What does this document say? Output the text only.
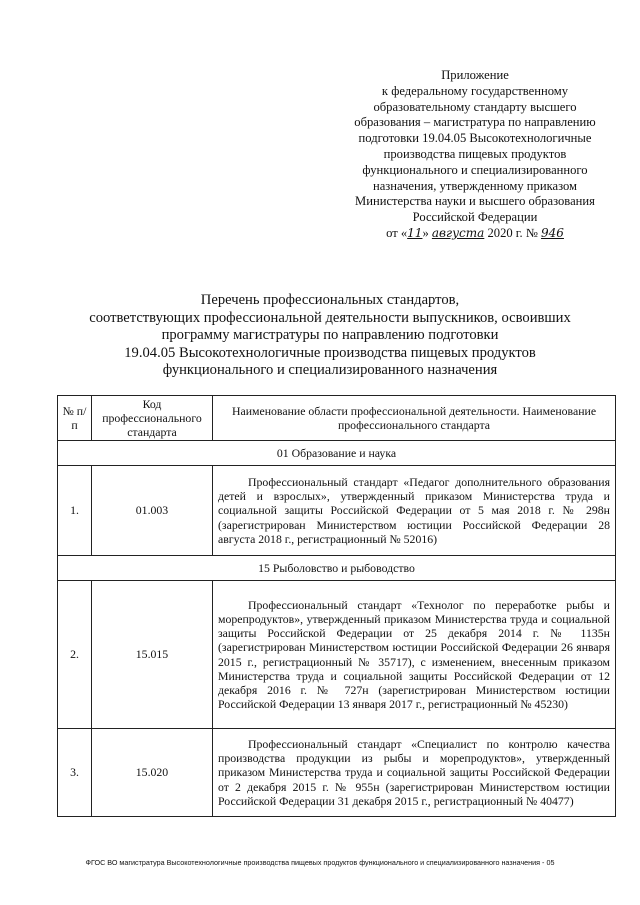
Приложение
к федеральному государственному
образовательному стандарту высшего
образования – магистратура по направлению
подготовки 19.04.05 Высокотехнологичные
производства пищевых продуктов
функционального и специализированного
назначения, утвержденному приказом
Министерства науки и высшего образования
Российской Федерации
от «11» августа 2020 г. № 946
Перечень профессиональных стандартов,
соответствующих профессиональной деятельности выпускников, освоивших
программу магистратуры по направлению подготовки
19.04.05 Высокотехнологичные производства пищевых продуктов
функционального и специализированного назначения
№ п/п	Код профессионального стандарта	Наименование области профессиональной деятельности. Наименование профессионального стандарта
01 Образование и наука		
1.	01.003	Профессиональный стандарт «Педагог дополнительного образования детей и взрослых», утвержденный приказом Министерства труда и социальной защиты Российской Федерации от 5 мая 2018 г. № 298н (зарегистрирован Министерством юстиции Российской Федерации 28 августа 2018 г., регистрационный № 52016)
15 Рыболовство и рыбоводство		
2.	15.015	Профессиональный стандарт «Технолог по переработке рыбы и морепродуктов», утвержденный приказом Министерства труда и социальной защиты Российской Федерации от 25 декабря 2014 г. № 1135н (зарегистрирован Министерством юстиции Российской Федерации 26 января 2015 г., регистрационный № 35717), с изменением, внесенным приказом Министерства труда и социальной защиты Российской Федерации от 12 декабря 2016 г. № 727н (зарегистрирован Министерством юстиции Российской Федерации 13 января 2017 г., регистрационный № 45230)
3.	15.020	Профессиональный стандарт «Специалист по контролю качества производства продукции из рыбы и морепродуктов», утвержденный приказом Министерства труда и социальной защиты Российской Федерации от 2 декабря 2015 г. № 955н (зарегистрирован Министерством юстиции Российской Федерации 31 декабря 2015 г., регистрационный № 40477)
ФГОС ВО магистратура Высокотехнологичные производства пищевых продуктов функционального и специализированного назначения - 05
